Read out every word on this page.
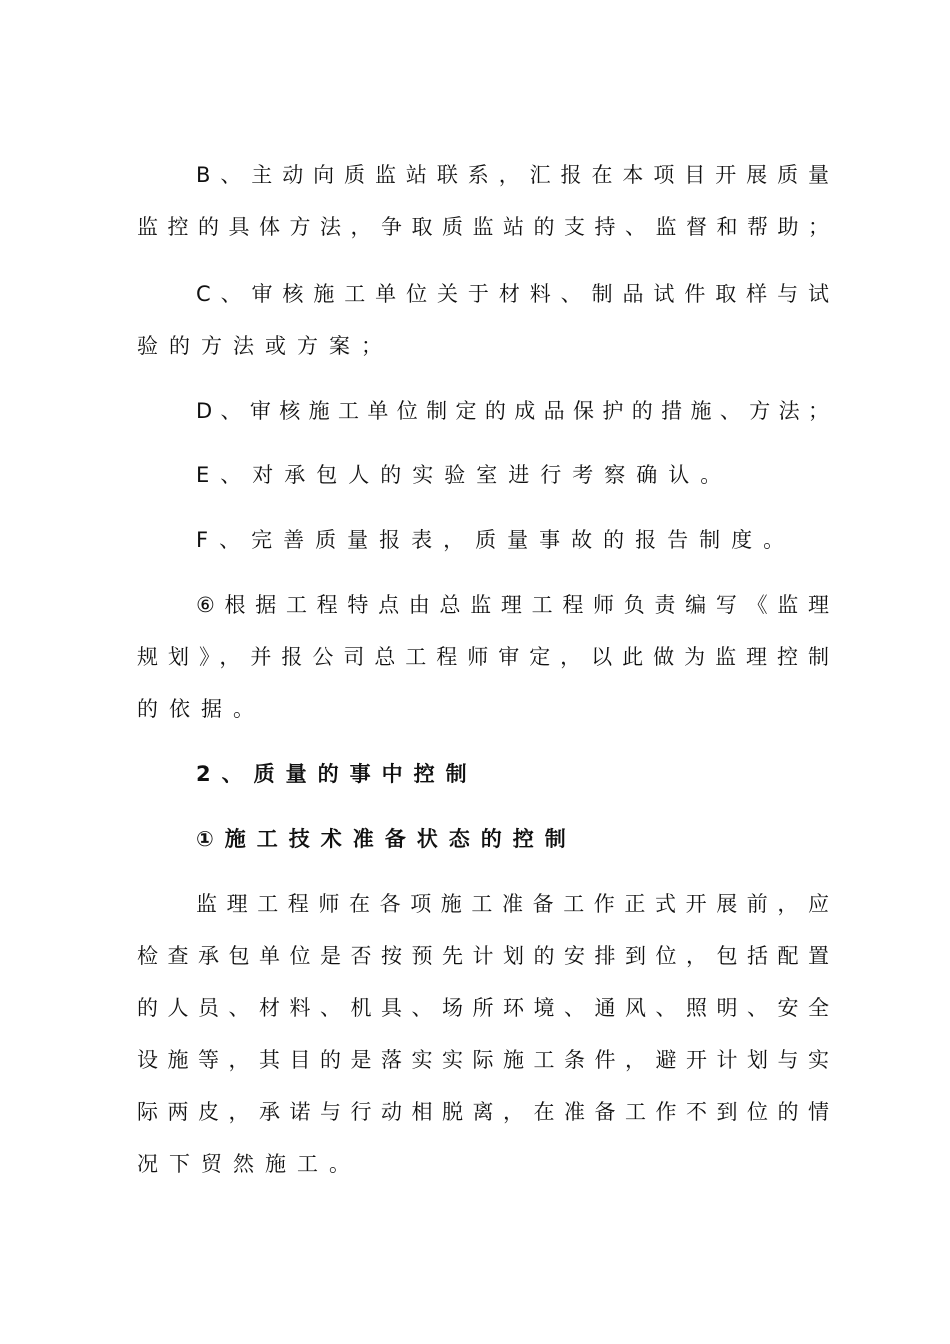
B、主动向质监站联系，汇报在本项目开展质量
监控的具体方法，争取质监站的支持、监督和帮助；
C、审核施工单位关于材料、制品试件取样与试
验的方法或方案；
D、审核施工单位制定的成品保护的措施、方法；
E、对承包人的实验室进行考察确认。
F、完善质量报表，质量事故的报告制度。
⑥根据工程特点由总监理工程师负责编写《监理
规划》，并报公司总工程师审定，以此做为监理控制
的依据。
2、质量的事中控制
①施工技术准备状态的控制
监理工程师在各项施工准备工作正式开展前，应
检查承包单位是否按预先计划的安排到位，包括配置
的人员、材料、机具、场所环境、通风、照明、安全
设施等，其目的是落实实际施工条件，避开计划与实
际两皮，承诺与行动相脱离，在准备工作不到位的情
况下贸然施工。
